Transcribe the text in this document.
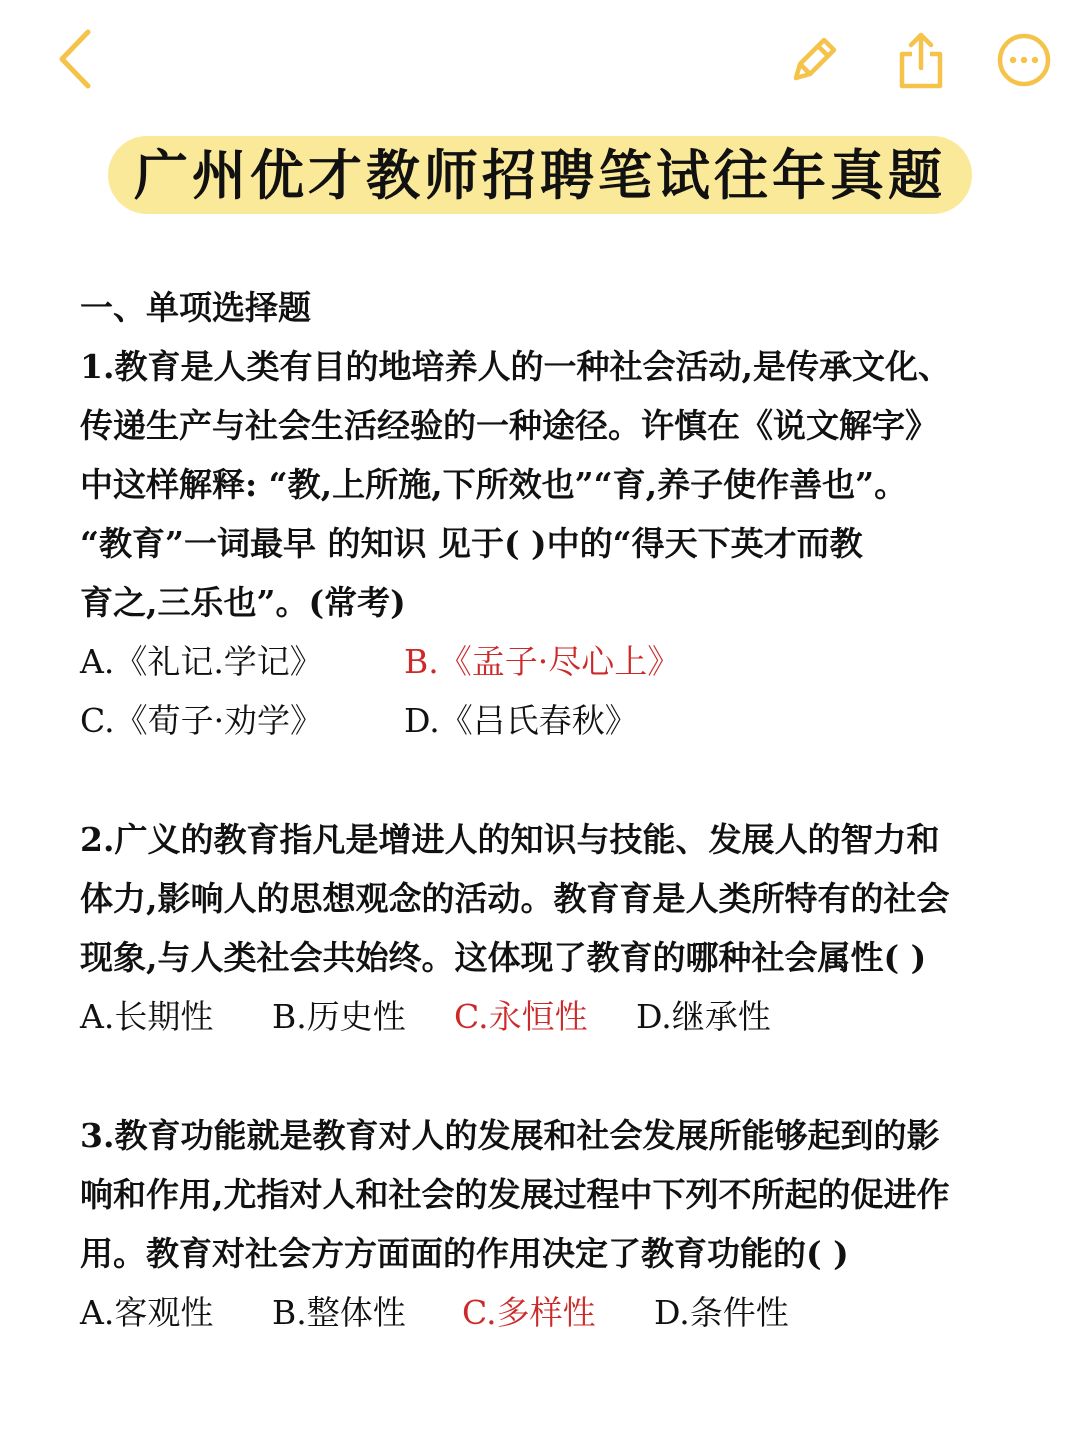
广州优才教师招聘笔试往年真题
一、单项选择题
1.教育是人类有目的地培养人的一种社会活动,是传承文化、
传递生产与社会生活经验的一种途径。许慎在《说文解字》
中这样解释: “教,上所施,下所效也”“育,养子使作善也”。
“教育”一词最早 的知识 见于( )中的“得天下英才而教
育之,三乐也”。(常考)
A.《礼记.学记》 B.《孟子·尽心上》
C.《荀子·劝学》 D.《吕氏春秋》
2.广义的教育指凡是增进人的知识与技能、发展人的智力和
体力,影响人的思想观念的活动。教育育是人类所特有的社会
现象,与人类社会共始终。这体现了教育的哪种社会属性( )
A.长期性 B.历史性 C.永恒性 D.继承性
3.教育功能就是教育对人的发展和社会发展所能够起到的影
响和作用,尤指对人和社会的发展过程中下列不所起的促进作
用。教育对社会方方面面的作用决定了教育功能的( )
A.客观性 B.整体性 C.多样性 D.条件性
